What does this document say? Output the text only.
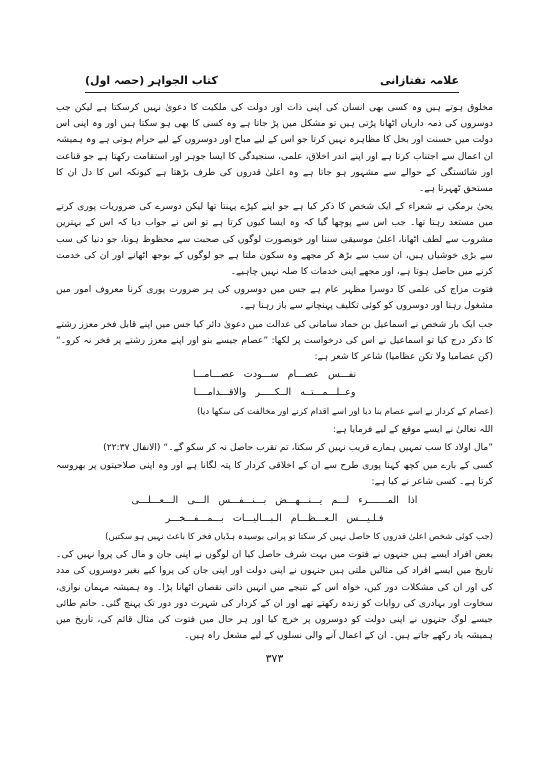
کتاب الجواہر (حصہ اول)	علامہ تفتازانی

مخلوق ہوتے ہیں وہ کسی بھی انسان کی اپنی ذات اور دولت کی ملکیت کا دعویٰ نہیں کرسکتا ہے لیکن جب دوسروں کی ذمہ داریاں اٹھانا پڑتی ہیں تو مشکل میں پڑ جاتا ہے وہ کسی کا بھی ہو سکتا ہیں اور وہ اپنی اس دولت میں حسنت اور بخل کا مظاہرہ نہیں کرتا جو اس کے لیے مباح اور دوسروں کے لیے حرام ہوتی ہے وہ ہمیشہ ان اعمال سے اجتناب کرتا ہے اور اپنے اندر اخلاق، علمی، سنجیدگی کا ایسا جوہر اور استقامت رکھتا ہے جو قناعت اور شائستگی کے حوالے سے مشہور ہو جاتا ہے وہ اعلیٰ قدروں کی طرف بڑھتا ہے کیونکہ اس کا دل ان کا مستحق ٹھہرتا ہے۔

یحیٰ برمکی نے شعراء کے ایک شخص کا ذکر کیا ہے جو اپنے کپڑے پہنتا تھا لیکن دوسرے کی ضروریات پوری کرنے میں مستعد رہتا تھا۔ جب اس سے پوچھا گیا کہ وہ ایسا کیوں کرتا ہے تو اس نے جواب دیا کہ اس کے بہترین مشروب سے لطف اٹھانا، اعلیٰ موسیقی سننا اور خوبصورت لوگوں کی صحبت سے محظوظ ہونا، جو دنیا کی سب سے بڑی خوشیاں ہیں، ان سب سے بڑھ کر مجھے وہ سکون ملتا ہے جو لوگوں کے بوجھ اٹھانے اور ان کی خدمت کرنے میں حاصل ہوتا ہے، اور مجھے اپنی خدمات کا صلہ نہیں چاہیے۔

فتوت مزاج کی علمی کا دوسرا مظہر عام ہے جس میں دوسروں کی ہر ضرورت پوری کرنا معروف امور میں مشغول رہنا اور دوسروں کو کوئی تکلیف پہنچانے سے باز رہنا ہے۔

جب ایک بار شخص نے اسماعیل بن حماد سامانی کی عدالت میں دعویٰ دائر کیا جس میں اپنے قابل فخر معزز رشتے کا ذکر درج کیا تو اسماعیل نے اس کی درخواست پر لکھا: ”عصام جیسے بنو اور اپنے معزز رشتے پر فخر نہ کرو۔“ (کن عصامیا ولا تکن عظامیا) شاعر کا شعر ہے:

نفـــس عصـــام ســـودت عصـــامـــا

وعــلـــمـــتــه الــكـــــر والاقـــدامــــا

(عصام کے کردار نے اسے عصام بنا دیا اور اسے اقدام کرنے اور مخالفت کی سکھا دیا)

اللہ تعالیٰ نے ایسے موقع کے لیے فرمایا ہے:

”مال اولاد کا سب تمہیں ہمارے قریب نہیں کر سکتا، تم تقرب حاصل نہ کر سکو گے۔“ (الانفال ۲۲:۳۷)

کسی کے بارے میں کچھ کہنا پوری طرح سے ان کے اخلاقی کردار کا پتہ لگانا ہے اور وہ اپنی صلاحیتوں پر بھروسہ کرتا ہے۔ کسی شاعر نے کیا ہے:

اذا المـــــــرء لـــم يـــنـــهـــض بـــنـــفـــس الـــى الـــعـــلـــى

فـلـيـــس الـعـــظـــام الـبـــاليـــات بـــمـــفـــخـــر

(جب کوئی شخص اعلیٰ قدروں کا حاصل نہیں کر سکتا تو پرانی بوسیدہ ہڈیاں فخر کا باعث نہیں ہو سکتیں)

بعض افراد ایسے ہیں جنہوں نے فتوت میں بہت شرف حاصل کیا ان لوگوں نے اپنی جان و مال کی پروا نہیں کی۔ تاریخ میں ایسے افراد کی مثالیں ملتی ہیں جنہوں نے اپنی دولت اور اپنی جان کی پروا کیے بغیر دوسروں کی مدد کی اور ان کی مشکلات دور کیں، خواہ اس کے نتیجے میں انہیں ذاتی نقصان اٹھانا پڑا۔ وہ ہمیشہ مہمان نوازی، سخاوت اور بہادری کی روایات کو زندہ رکھتے تھے اور ان کے کردار کی شہرت دور دور تک پہنچ گئی۔ حاتم طائی جیسے لوگ جنہوں نے اپنی دولت کو دوسروں پر خرچ کیا اور ہر حال میں فتوت کی مثال قائم کی، تاریخ میں ہمیشہ یاد رکھے جاتے ہیں۔ ان کے اعمال آنے والی نسلوں کے لیے مشعل راہ ہیں۔

۳۷۳
